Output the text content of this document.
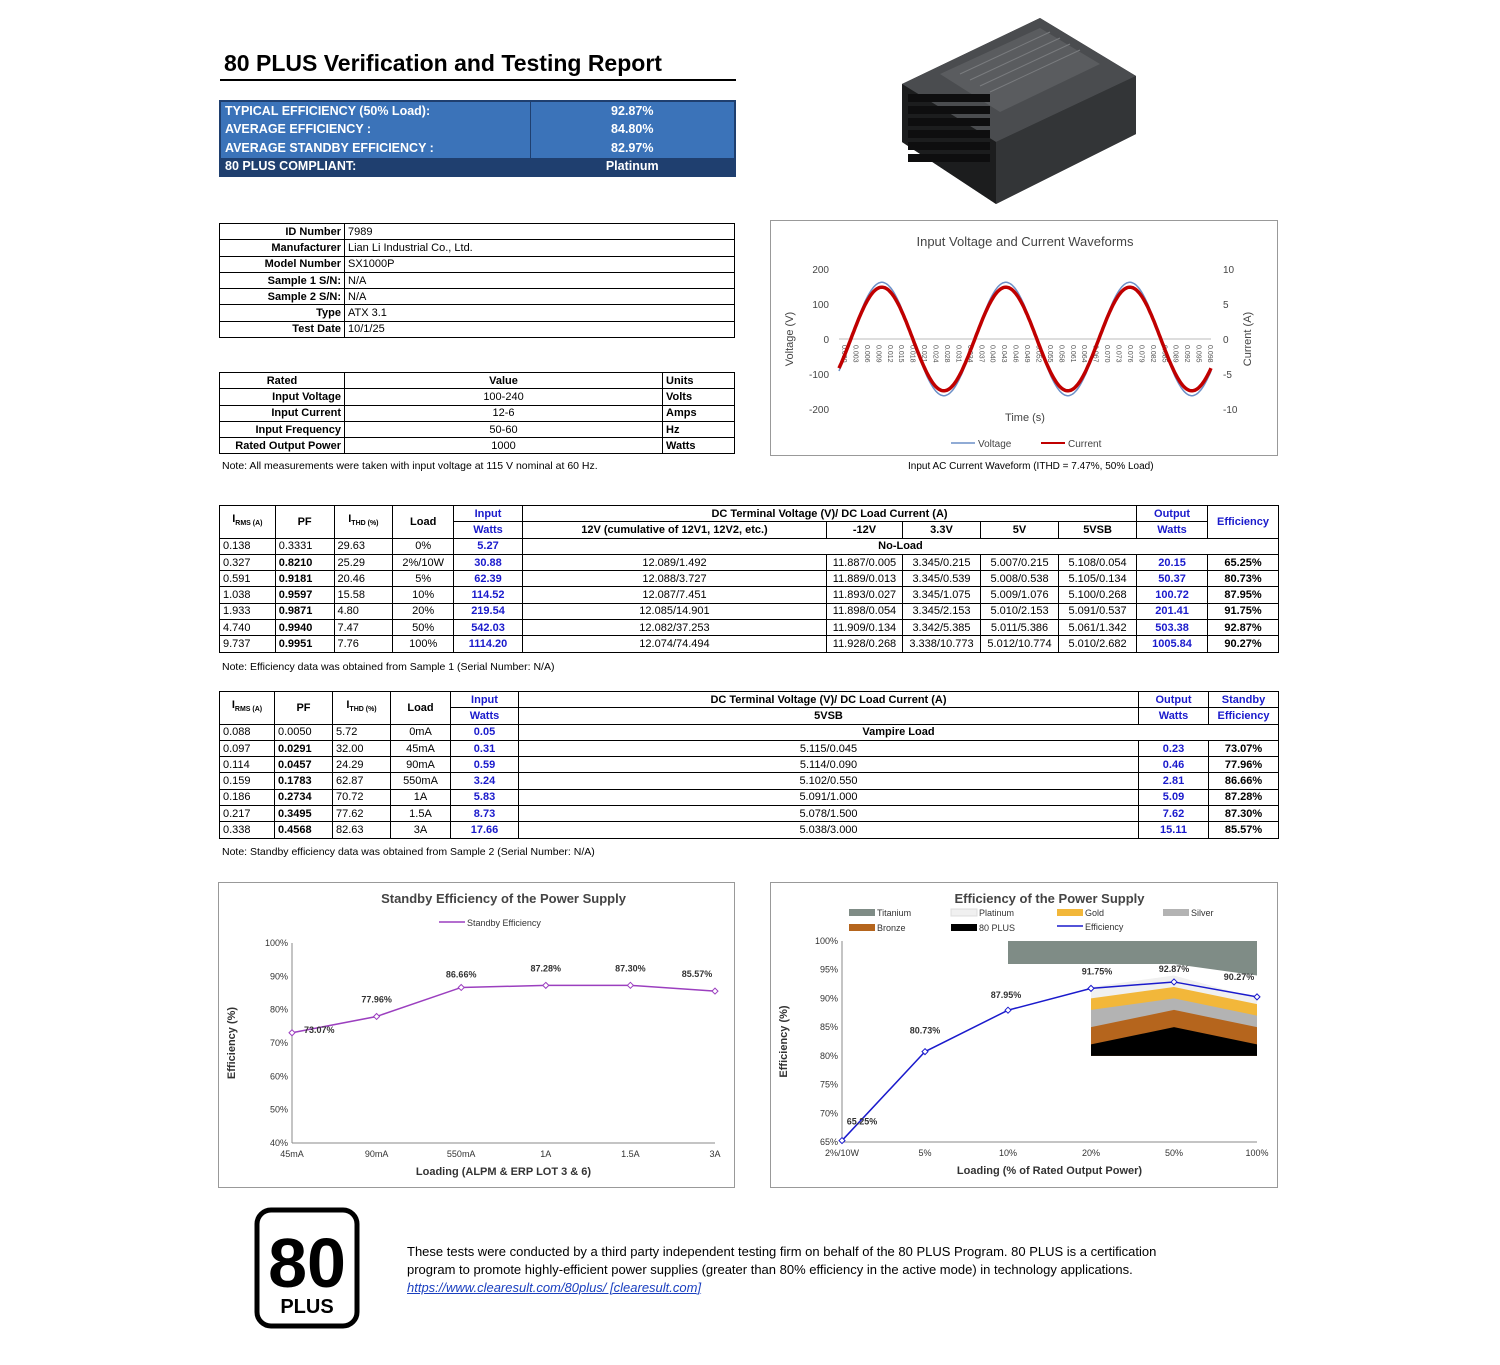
80 PLUS Verification and Testing Report
TYPICAL EFFICIENCY (50% Load):	92.87%
AVERAGE EFFICIENCY :	84.80%
AVERAGE STANDBY EFFICIENCY :	82.97%
80 PLUS COMPLIANT:	Platinum
ID Number	7989
Manufacturer	Lian Li Industrial Co., Ltd.
Model Number	SX1000P
Sample 1 S/N:	N/A
Sample 2 S/N:	N/A
Type	ATX 3.1
Test Date	10/1/25
Rated	Value	Units
Input Voltage	100-240	Volts
Input Current	12-6	Amps
Input Frequency	50-60	Hz
Rated Output Power	1000	Watts
Note: All measurements were taken with input voltage at 115 V nominal at 60 Hz.
Input Voltage and Current Waveforms
200
100
0
-100
-200
10
5
0
-5
-10
0.000 0.003 0.006 0.009 0.012 0.015 0.018 0.021 0.024 0.028 0.031 0.034 0.037 0.040 0.043 0.046 0.049 0.052 0.055 0.058 0.061 0.064 0.067 0.070 0.073 0.076 0.079 0.082 0.085 0.089 0.092 0.095 0.098
Voltage (V)	Current (A)
Time (s)
Voltage	Current
Input AC Current Waveform (ITHD = 7.47%, 50% Load)
$I_{RMS (A)}$	PF	$I_{THD (\%)}$	Load	Input	DC Terminal Voltage (V)/ DC Load Current (A)					Output	Efficiency
				Watts	12V (cumulative of 12V1, 12V2, etc.)	-12V	3.3V	5V	5VSB	Watts	
0.138	0.3331	29.63	0%	5.27	No-Load						
0.327	0.8210	25.29	2%/10W	30.88	12.089/1.492	11.887/0.005	3.345/0.215	5.007/0.215	5.108/0.054	20.15	65.25%
0.591	0.9181	20.46	5%	62.39	12.088/3.727	11.889/0.013	3.345/0.539	5.008/0.538	5.105/0.134	50.37	80.73%
1.038	0.9597	15.58	10%	114.52	12.087/7.451	11.893/0.027	3.345/1.075	5.009/1.076	5.100/0.268	100.72	87.95%
1.933	0.9871	4.80	20%	219.54	12.085/14.901	11.898/0.054	3.345/2.153	5.010/2.153	5.091/0.537	201.41	91.75%
4.740	0.9940	7.47	50%	542.03	12.082/37.253	11.909/0.134	3.342/5.385	5.011/5.386	5.061/1.342	503.38	92.87%
9.737	0.9951	7.76	100%	1114.20	12.074/74.494	11.928/0.268	3.338/10.773	5.012/10.774	5.010/2.682	1005.84	90.27%
Note: Efficiency data was obtained from Sample 1 (Serial Number: N/A)
$I_{RMS (A)}$	PF	$I_{THD (\%)}$	Load	Input	DC Terminal Voltage (V)/ DC Load Current (A)	Output	Standby
				Watts	5VSB	Watts	Efficiency
0.088	0.0050	5.72	0mA	0.05	Vampire Load		
0.097	0.0291	32.00	45mA	0.31	5.115/0.045	0.23	73.07%
0.114	0.0457	24.29	90mA	0.59	5.114/0.090	0.46	77.96%
0.159	0.1783	62.87	550mA	3.24	5.102/0.550	2.81	86.66%
0.186	0.2734	70.72	1A	5.83	5.091/1.000	5.09	87.28%
0.217	0.3495	77.62	1.5A	8.73	5.078/1.500	7.62	87.30%
0.338	0.4568	82.63	3A	17.66	5.038/3.000	15.11	85.57%
Note: Standby efficiency data was obtained from Sample 2 (Serial Number: N/A)
Standby Efficiency of the Power Supply
40%
50%
60%
70%
80%
90%
100%
45mA	90mA	550mA	1A	1.5A	3A
Loading (ALPM & ERP LOT 3 & 6)
Efficiency (%)
Standby Efficiency
73.07%
77.96%
86.66%
87.28%	87.30%
85.57%
Efficiency of the Power Supply
Titanium	Platinum	Gold	Silver
Bronze	80 PLUS	Efficiency
65%
70%
75%
80%
85%
90%
95%
100%
2%/10W	5%	10%	20%	50%	100%
Loading (% of Rated Output Power)
Efficiency (%)
65.25%
80.73%
87.95%
91.75%	92.87%
90.27%
80
PLUS
These tests were conducted by a third party independent testing firm on behalf of the 80 PLUS Program. 80 PLUS is a certification program to promote highly-efficient power supplies (greater than 80% efficiency in the active mode) in technology applications.
https://www.clearesult.com/80plus/ [clearesult.com]
